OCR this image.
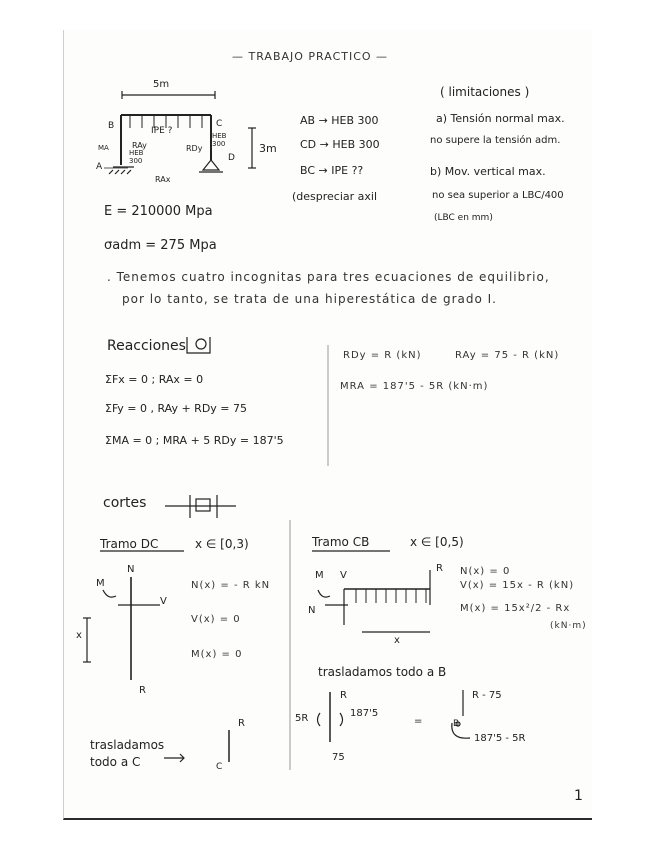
— TRABAJO PRACTICO —
5m
3m
B	C
A
D
IPE ?
HEB 300
HEB 300
MA	RAy
RAx
RDy
AB → HEB 300
CD → HEB 300
BC → IPE ??
(despreciar axil
( limitaciones )
a) Tensión normal max.
no supere la tensión adm.
b) Mov. vertical max.
no sea superior a LBC/400
(LBC en mm)
E = 210000 Mpa
σadm = 275 Mpa
. Tenemos cuatro incognitas para tres ecuaciones de equilibrio,
por lo tanto, se trata de una hiperestática de grado I.
Reacciones
ΣFx = 0 ; RAx = 0
ΣFy = 0 , RAy + RDy = 75
ΣMA = 0 ; MRA + 5 RDy = 187'5
RDy = R (kN)	RAy = 75 - R (kN)
MRA = 187'5 - 5R (kN·m)
cortes
Tramo DC	x ∈ [0,3)
N(x) = - R kN
V(x) = 0
M(x) = 0
N
M
V
x
R
Tramo CB	x ∈ [0,5)
N(x) = 0
V(x) = 15x - R (kN)
M(x) = 15x²/2 - Rx
(kN·m)
M V
N
R
x
trasladamos todo a B
R
5R	187'5
75
=
R - 75
B
187'5 - 5R
trasladamos
todo a C
R
C
1
